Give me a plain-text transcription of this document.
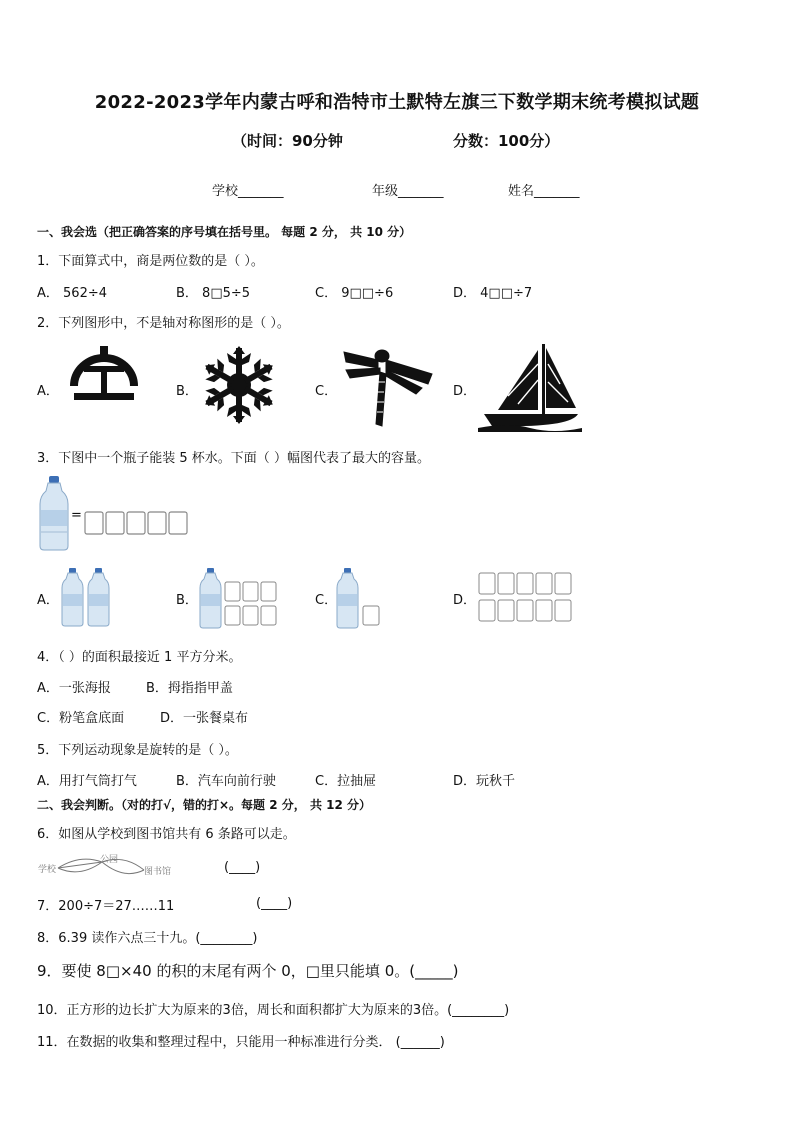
2022-2023学年内蒙古呼和浩特市土默特左旗三下数学期末统考模拟试题
（时间：90分钟	分数：100分）
学校_______	年级_______	姓名_______
一、我会选（把正确答案的序号填在括号里。 每题 2 分， 共 10 分）
1．下面算式中，商是两位数的是（ ）。
A． 562÷4	B． 8□5÷5	C． 9□□÷6	D． 4□□÷7
2．下列图形中，不是轴对称图形的是（ ）。
A．	B．	C．	D．
3．下图中一个瓶子能装 5 杯水。下面（ ）幅图代表了最大的容量。
=
A．	B．	C．	D．
4．（ ）的面积最接近 1 平方分米。
A．一张海报	B．拇指指甲盖
C．粉笔盒底面	D．一张餐桌布
5．下列运动现象是旋转的是（ ）。
A．用打气筒打气	B．汽车向前行驶	C．拉抽屉	D．玩秋千
二、我会判断。（对的打√，错的打×。每题 2 分， 共 12 分）
6．如图从学校到图书馆共有 6 条路可以走。
学校
公园
图书馆	(____)
7．200÷7＝27……11	(____)
8．6.39 读作六点三十九。(________)
9．要使 8□×40 的积的末尾有两个 0，□里只能填 0。(_____)
10．正方形的边长扩大为原来的3倍，周长和面积都扩大为原来的3倍。(________)
11．在数据的收集和整理过程中，只能用一种标准进行分类． (______)
